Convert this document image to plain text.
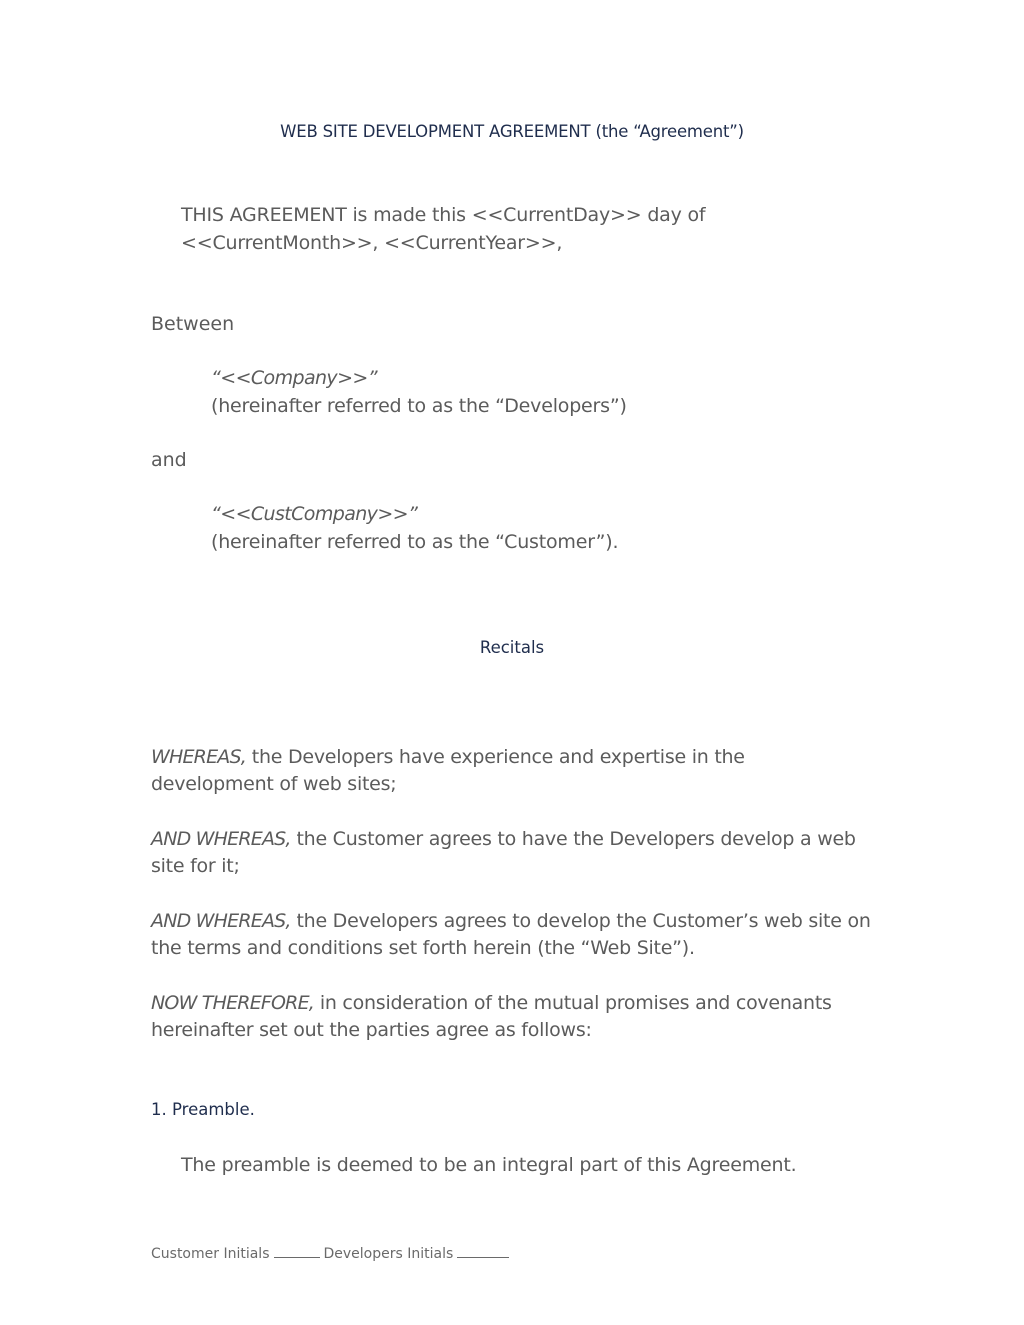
WEB SITE DEVELOPMENT AGREEMENT (the “Agreement”)
THIS AGREEMENT is made this <<CurrentDay>> day of
<<CurrentMonth>>, <<CurrentYear>>,
Between
“<<Company>>”
(hereinafter referred to as the “Developers”)
and
“<<CustCompany>>”
(hereinafter referred to as the “Customer”).
Recitals
WHEREAS, the Developers have experience and expertise in the development of web sites;
AND WHEREAS, the Customer agrees to have the Developers develop a web site for it;
AND WHEREAS, the Developers agrees to develop the Customer’s web site on the terms and conditions set forth herein (the “Web Site”).
NOW THEREFORE, in consideration of the mutual promises and covenants hereinafter set out the parties agree as follows:
1. Preamble.
The preamble is deemed to be an integral part of this Agreement.
Customer Initials	Developers Initials
